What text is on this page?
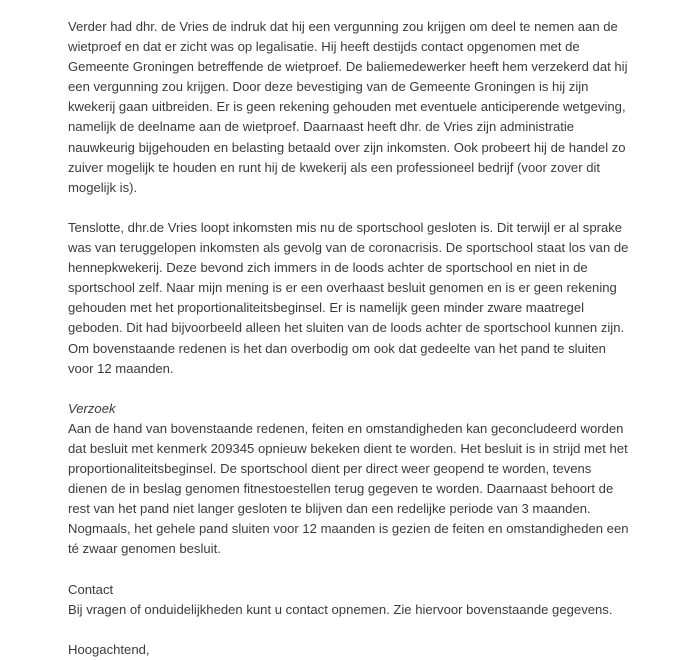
Verder had dhr. de Vries de indruk dat hij een vergunning zou krijgen om deel te nemen aan de wietproef en dat er zicht was op legalisatie. Hij heeft destijds contact opgenomen met de Gemeente Groningen betreffende de wietproef. De baliemedewerker heeft hem verzekerd dat hij een vergunning zou krijgen. Door deze bevestiging van de Gemeente Groningen is hij zijn kwekerij gaan uitbreiden. Er is geen rekening gehouden met eventuele anticiperende wetgeving, namelijk de deelname aan de wietproef. Daarnaast heeft dhr. de Vries zijn administratie nauwkeurig bijgehouden en belasting betaald over zijn inkomsten. Ook probeert hij de handel zo zuiver mogelijk te houden en runt hij de kwekerij als een professioneel bedrijf (voor zover dit mogelijk is).

Tenslotte, dhr.de Vries loopt inkomsten mis nu de sportschool gesloten is. Dit terwijl er al sprake was van teruggelopen inkomsten als gevolg van de coronacrisis. De sportschool staat los van de hennepkwekerij. Deze bevond zich immers in de loods achter de sportschool en niet in de sportschool zelf. Naar mijn mening is er een overhaast besluit genomen en is er geen rekening gehouden met het proportionaliteitsbeginsel. Er is namelijk geen minder zware maatregel geboden. Dit had bijvoorbeeld alleen het sluiten van de loods achter de sportschool kunnen zijn. Om bovenstaande redenen is het dan overbodig om ook dat gedeelte van het pand te sluiten voor 12 maanden.

Verzoek

Aan de hand van bovenstaande redenen, feiten en omstandigheden kan geconcludeerd worden dat besluit met kenmerk 209345 opnieuw bekeken dient te worden. Het besluit is in strijd met het proportionaliteitsbeginsel. De sportschool dient per direct weer geopend te worden, tevens dienen de in beslag genomen fitnestoestellen terug gegeven te worden. Daarnaast behoort de rest van het pand niet langer gesloten te blijven dan een redelijke periode van 3 maanden. Nogmaals, het gehele pand sluiten voor 12 maanden is gezien de feiten en omstandigheden een té zwaar genomen besluit.

Contact

Bij vragen of onduidelijkheden kunt u contact opnemen. Zie hiervoor bovenstaande gegevens.

Hoogachtend,
